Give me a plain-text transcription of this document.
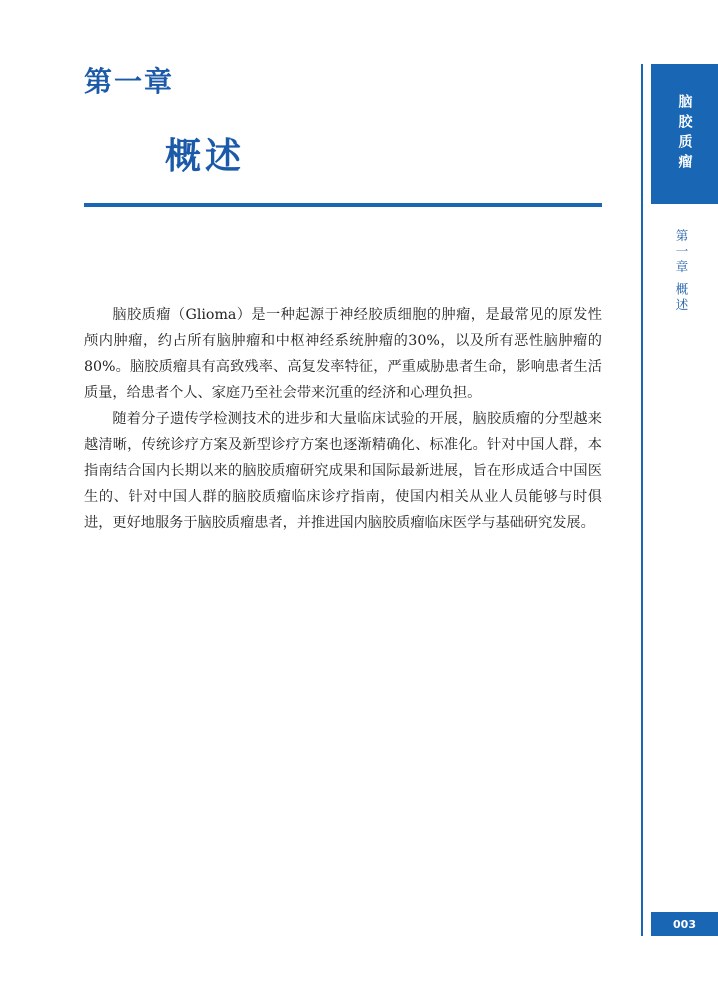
第一章
概述

脑胶质瘤（Glioma）是一种起源于神经胶质细胞的肿瘤，是最常见的原发性颅内肿瘤，约占所有脑肿瘤和中枢神经系统肿瘤的30%，以及所有恶性脑肿瘤的80%。脑胶质瘤具有高致残率、高复发率特征，严重威胁患者生命，影响患者生活质量，给患者个人、家庭乃至社会带来沉重的经济和心理负担。

随着分子遗传学检测技术的进步和大量临床试验的开展，脑胶质瘤的分型越来越清晰，传统诊疗方案及新型诊疗方案也逐渐精确化、标准化。针对中国人群，本指南结合国内长期以来的脑胶质瘤研究成果和国际最新进展，旨在形成适合中国医生的、针对中国人群的脑胶质瘤临床诊疗指南，使国内相关从业人员能够与时俱进，更好地服务于脑胶质瘤患者，并推进国内脑胶质瘤临床医学与基础研究发展。

脑胶质瘤
第一章 概述
003
